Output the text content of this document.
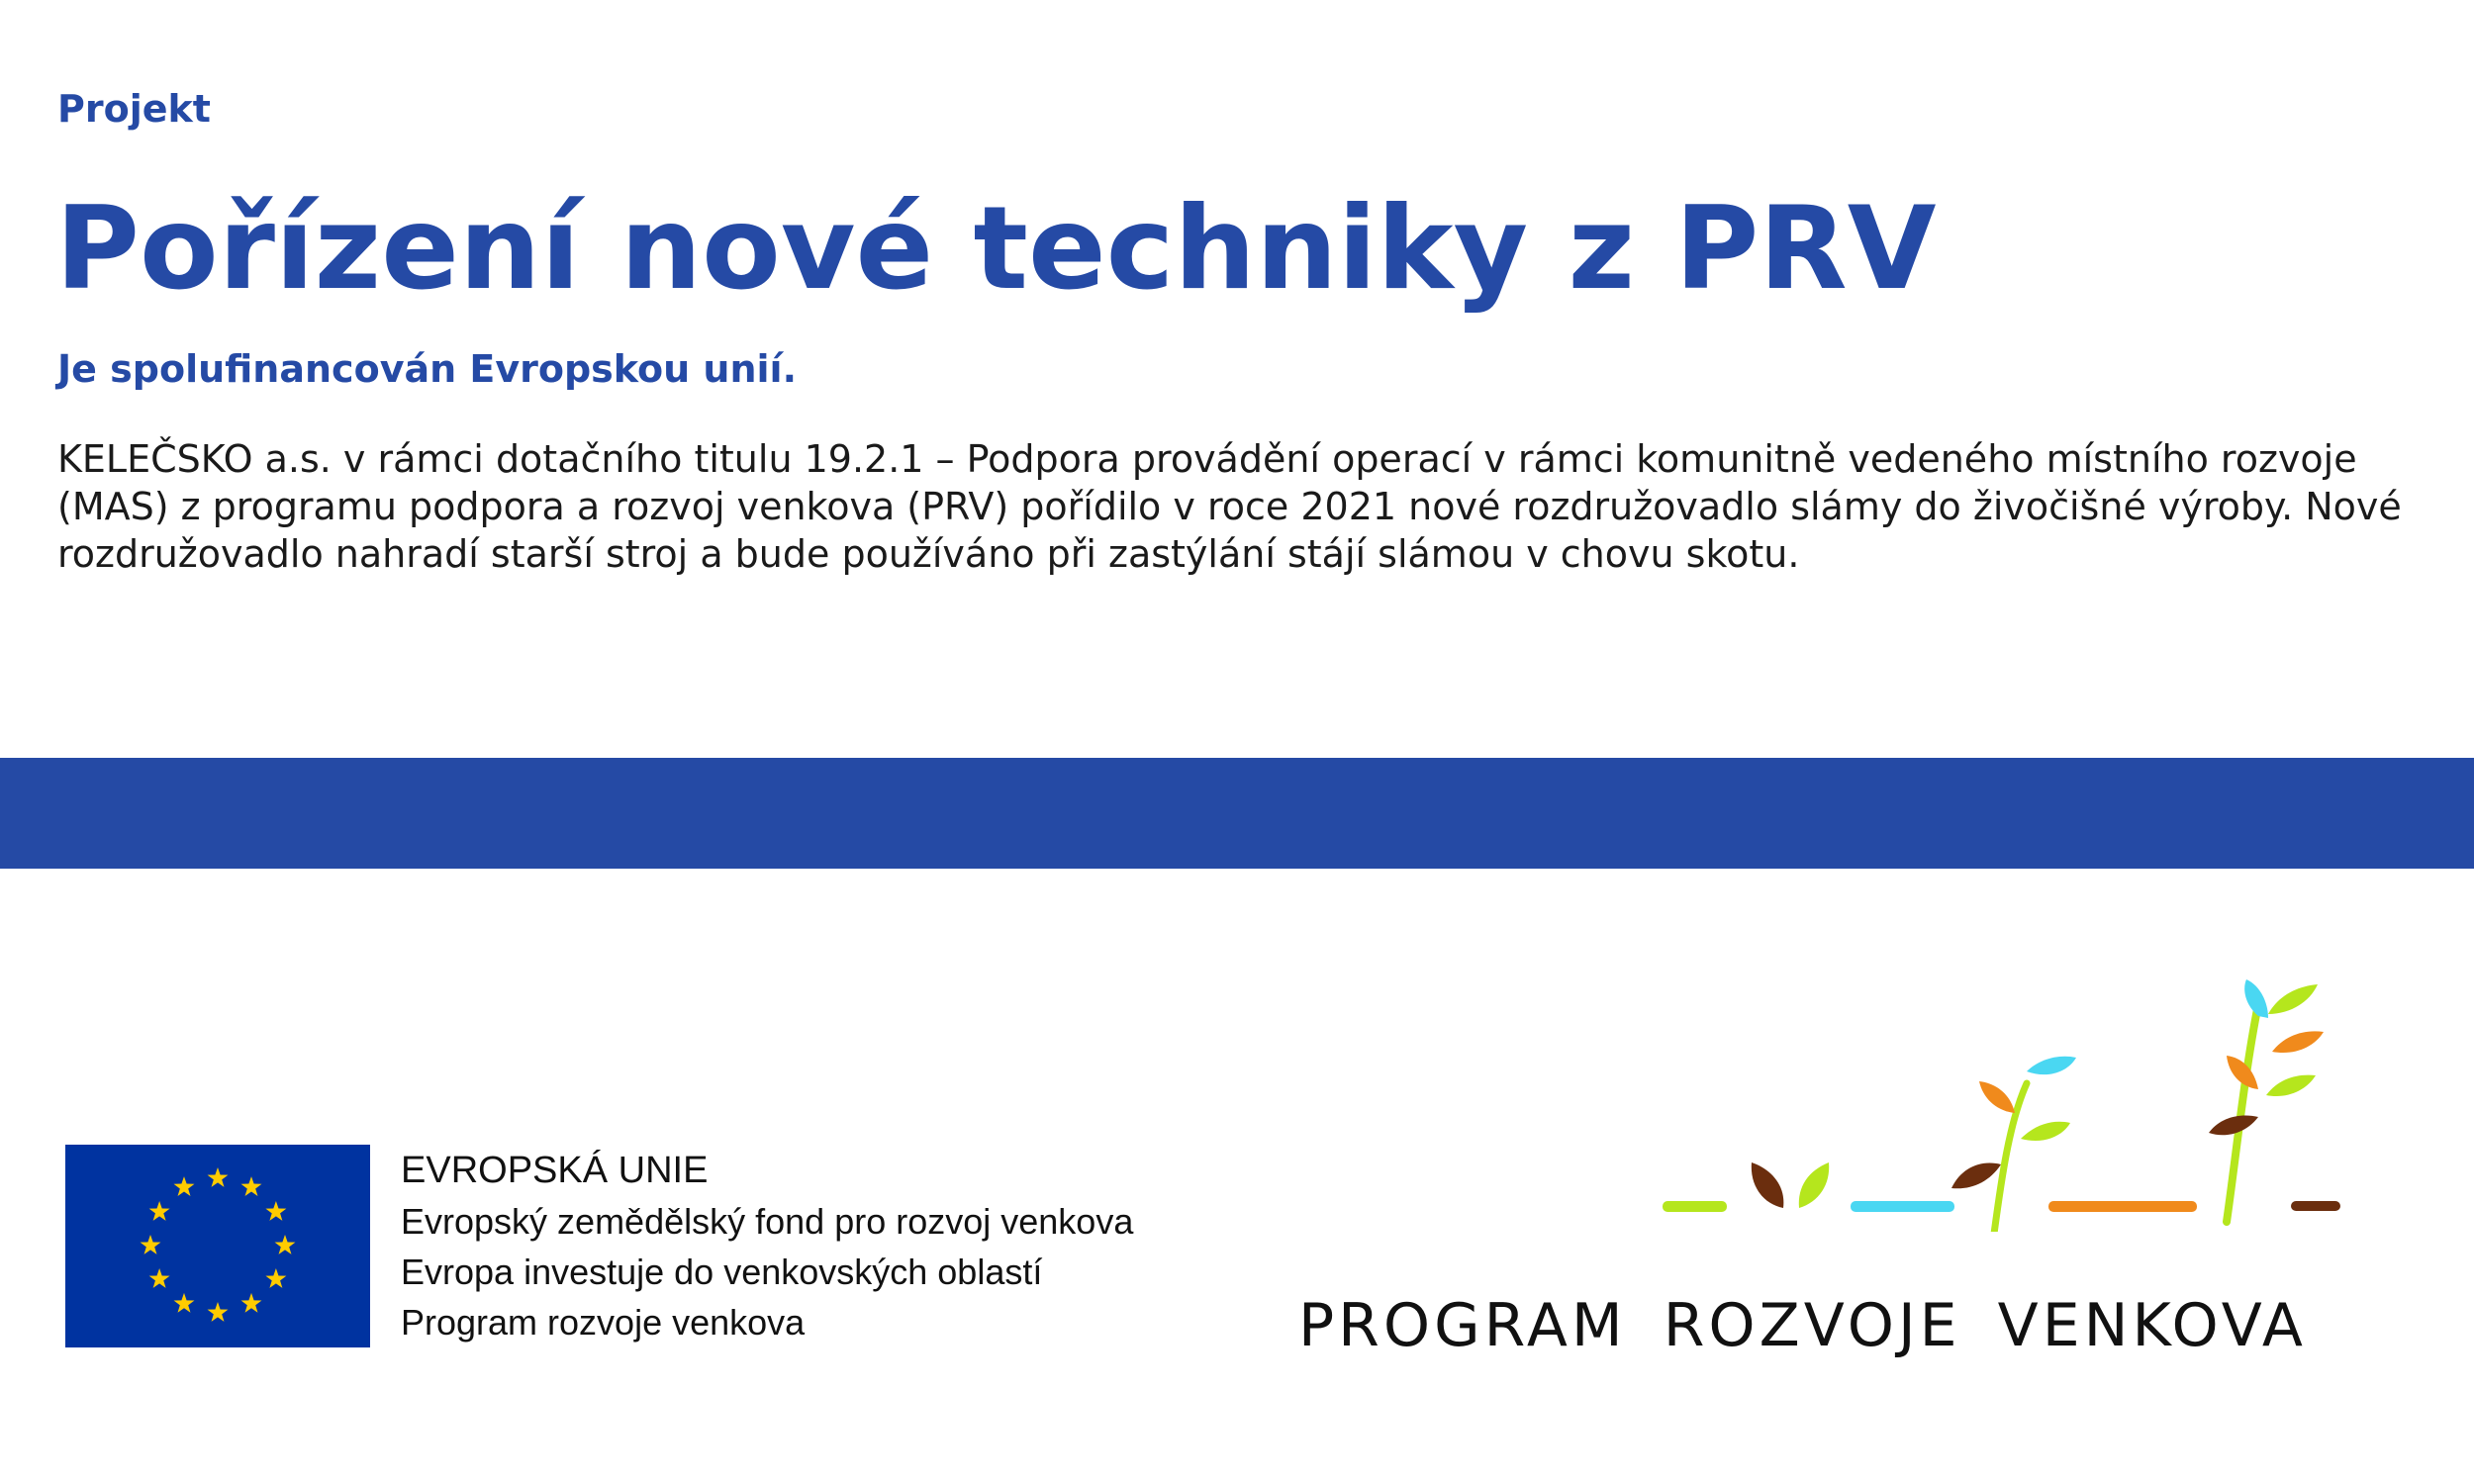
Projekt
Pořízení nové techniky z PRV
Je spolufinancován Evropskou unií.

KELEČSKO a.s. v rámci dotačního titulu 19.2.1 – Podpora provádění operací v rámci komunitně vedeného místního rozvoje (MAS) z programu podpora a rozvoj venkova (PRV) pořídilo v roce 2021 nové rozdružovadlo slámy do živočišné výroby. Nové rozdružovadlo nahradí starší stroj a bude používáno při zastýlání stájí slámou v chovu skotu.

EVROPSKÁ UNIE
Evropský zemědělský fond pro rozvoj venkova
Evropa investuje do venkovských oblastí
Program rozvoje venkova	PROGRAM ROZVOJE VENKOVA
